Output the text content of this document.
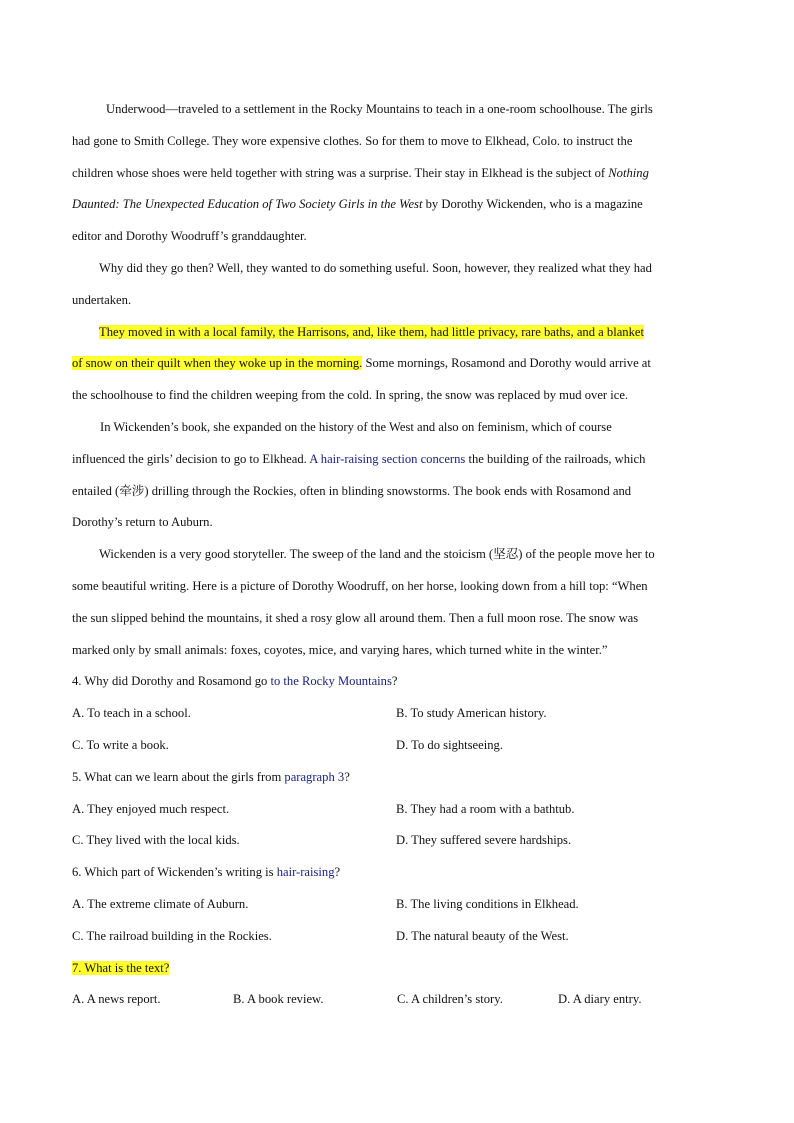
Underwood—traveled to a settlement in the Rocky Mountains to teach in a one-room schoolhouse. The girls
had gone to Smith College. They wore expensive clothes. So for them to move to Elkhead, Colo. to instruct the
children whose shoes were held together with string was a surprise. Their stay in Elkhead is the subject of Nothing
Daunted: The Unexpected Education of Two Society Girls in the West by Dorothy Wickenden, who is a magazine
editor and Dorothy Woodruff’s granddaughter.
Why did they go then? Well, they wanted to do something useful. Soon, however, they realized what they had
undertaken.
They moved in with a local family, the Harrisons, and, like them, had little privacy, rare baths, and a blanket
of snow on their quilt when they woke up in the morning. Some mornings, Rosamond and Dorothy would arrive at
the schoolhouse to find the children weeping from the cold. In spring, the snow was replaced by mud over ice.
In Wickenden’s book, she expanded on the history of the West and also on feminism, which of course
influenced the girls’ decision to go to Elkhead. A hair-raising section concerns the building of the railroads, which
entailed (牵涉) drilling through the Rockies, often in blinding snowstorms. The book ends with Rosamond and
Dorothy’s return to Auburn.
Wickenden is a very good storyteller. The sweep of the land and the stoicism (坚忍) of the people move her to
some beautiful writing. Here is a picture of Dorothy Woodruff, on her horse, looking down from a hill top: “When
the sun slipped behind the mountains, it shed a rosy glow all around them. Then a full moon rose. The snow was
marked only by small animals: foxes, coyotes, mice, and varying hares, which turned white in the winter.”
4. Why did Dorothy and Rosamond go to the Rocky Mountains?
A. To teach in a school.	B. To study American history.
C. To write a book.	D. To do sightseeing.
5. What can we learn about the girls from paragraph 3?
A. They enjoyed much respect.	B. They had a room with a bathtub.
C. They lived with the local kids.	D. They suffered severe hardships.
6. Which part of Wickenden’s writing is hair-raising?
A. The extreme climate of Auburn.	B. The living conditions in Elkhead.
C. The railroad building in the Rockies.	D. The natural beauty of the West.
7. What is the text?
A. A news report.	B. A book review.	C. A children’s story.	D. A diary entry.
